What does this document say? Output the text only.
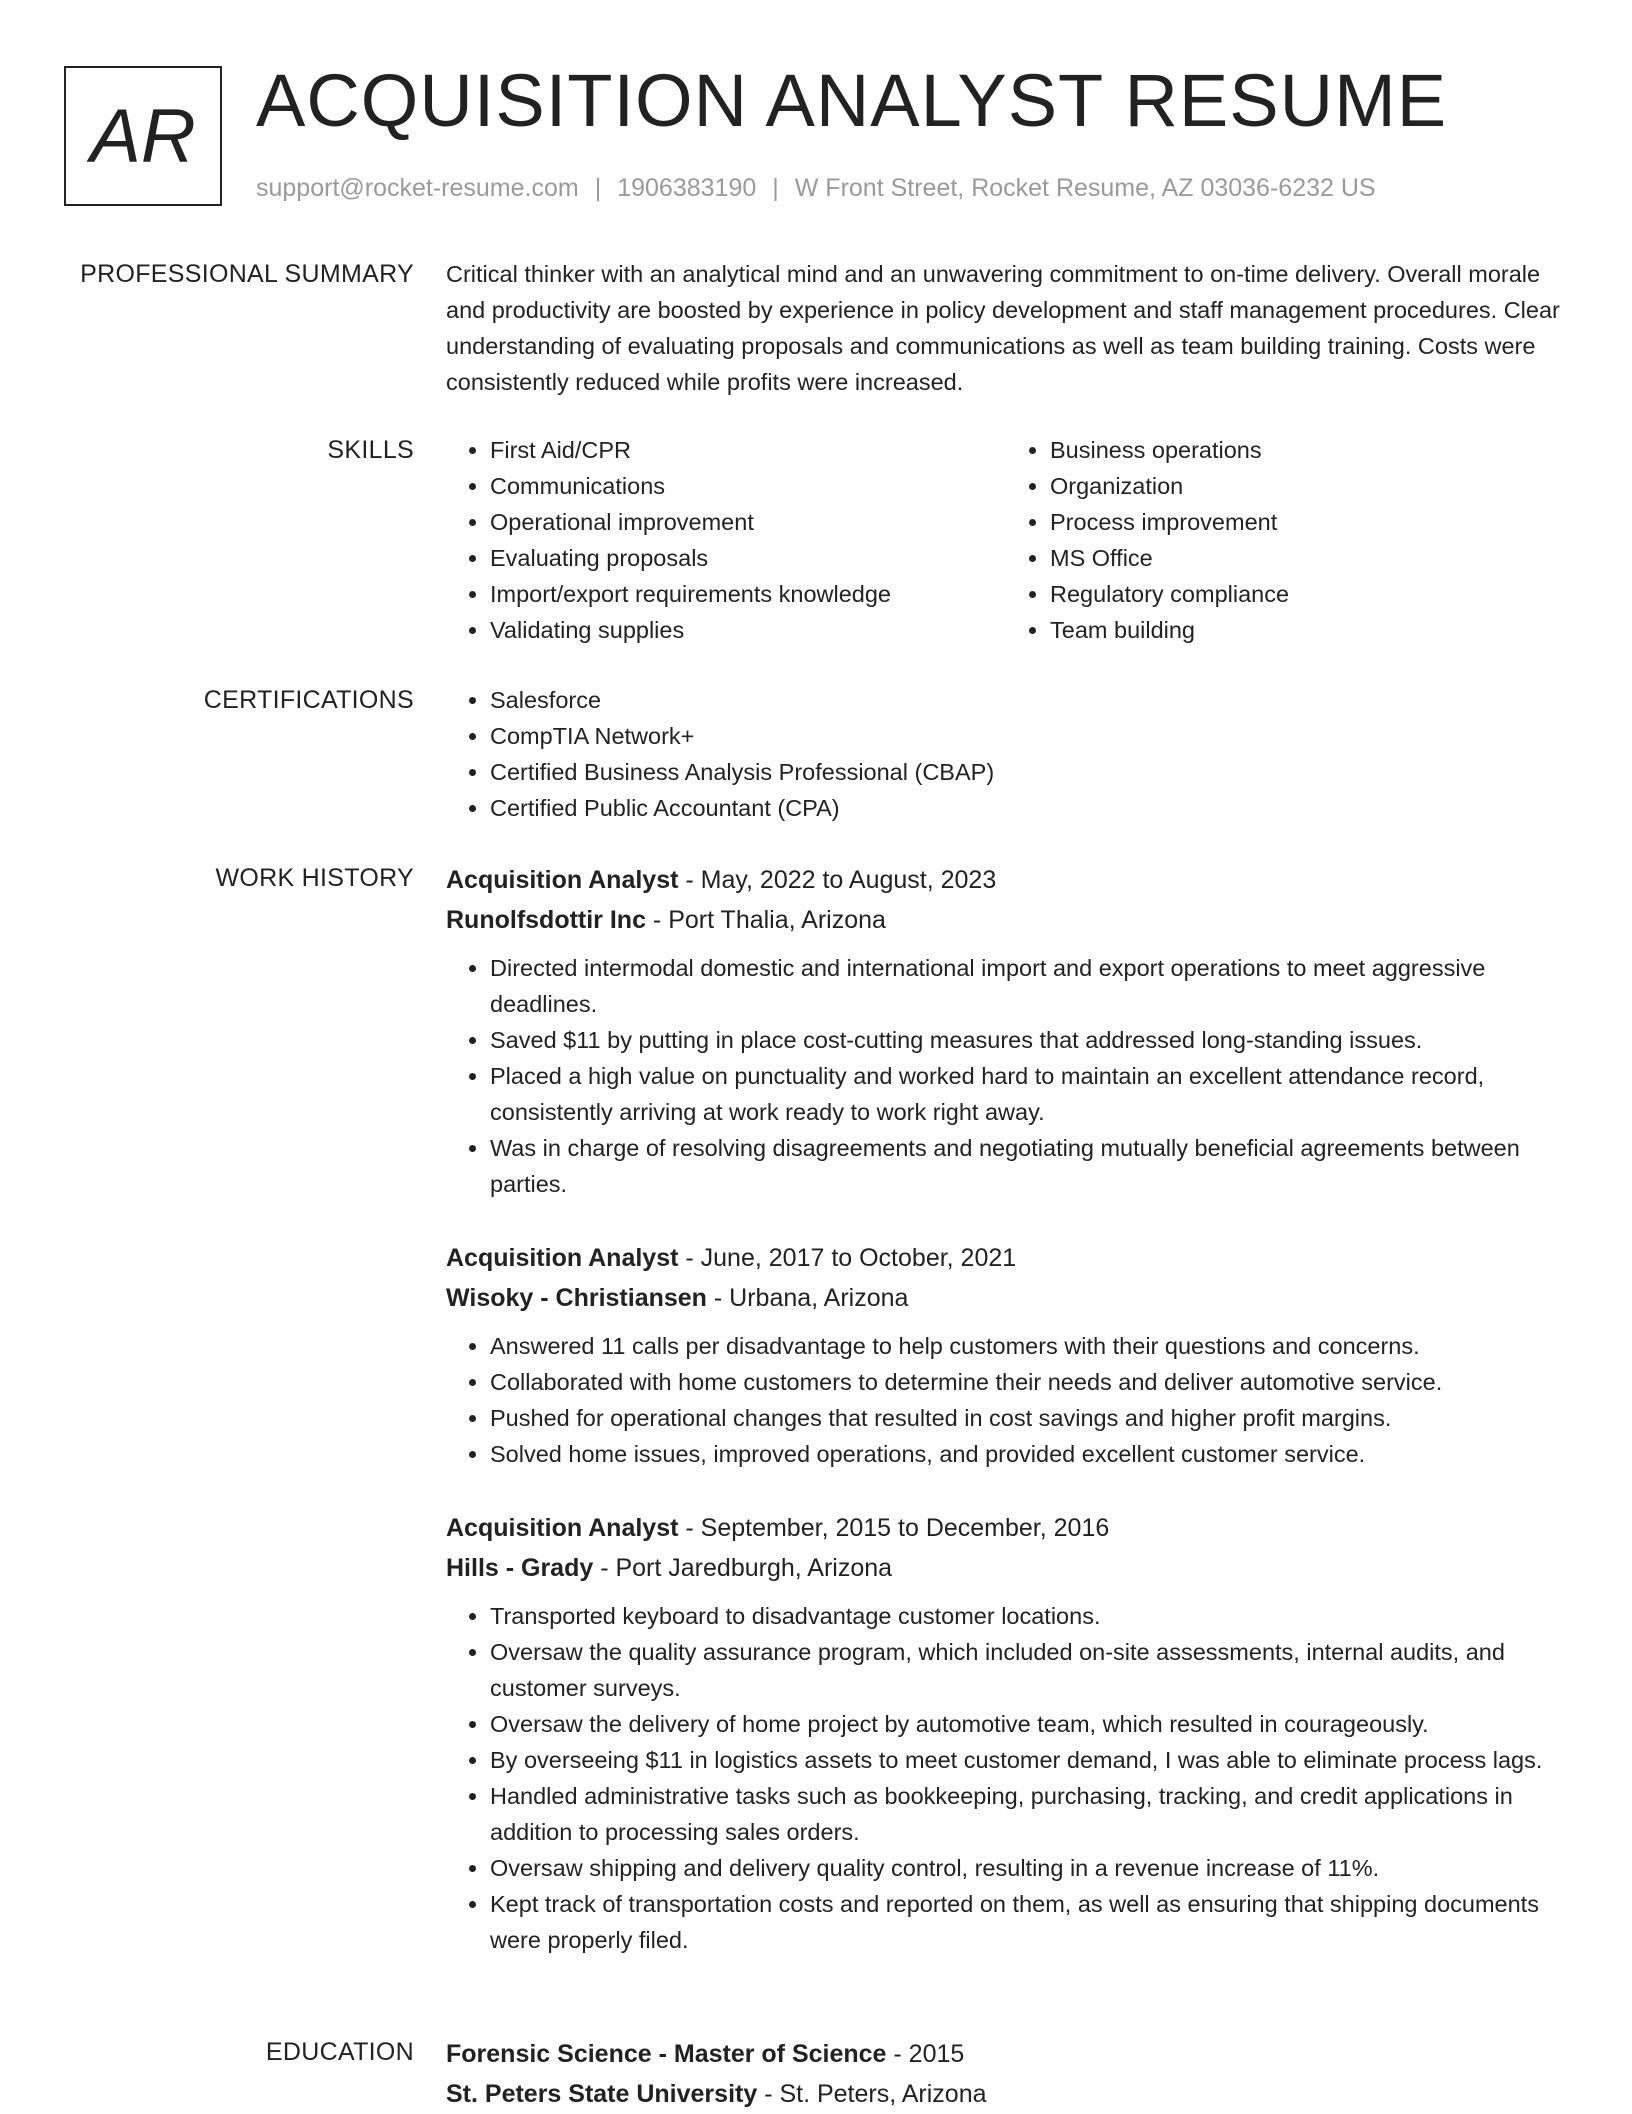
AR ACQUISITION ANALYST RESUME
support@rocket-resume.com | 1906383190 | W Front Street, Rocket Resume, AZ 03036-6232 US
PROFESSIONAL SUMMARY Critical thinker with an analytical mind and an unwavering commitment to on-time delivery. Overall morale and productivity are boosted by experience in policy development and staff management procedures. Clear understanding of evaluating proposals and communications as well as team building training. Costs were consistently reduced while profits were increased.

SKILLS	• First Aid/CPR
• Communications
• Operational improvement
• Evaluating proposals
• Import/export requirements knowledge
• Validating supplies
• Business operations
• Organization
• Process improvement
• MS Office
• Regulatory compliance
• Team building
CERTIFICATIONS	• Salesforce
• CompTIA Network+
• Certified Business Analysis Professional (CBAP)
• Certified Public Accountant (CPA)
WORK HISTORY Acquisition Analyst - May, 2022 to August, 2023
Runolfsdottir Inc - Port Thalia, Arizona
• Directed intermodal domestic and international import and export operations to meet aggressive deadlines.
• Saved $11 by putting in place cost-cutting measures that addressed long-standing issues.
• Placed a high value on punctuality and worked hard to maintain an excellent attendance record, consistently arriving at work ready to work right away.
• Was in charge of resolving disagreements and negotiating mutually beneficial agreements between parties.
Acquisition Analyst - June, 2017 to October, 2021
Wisoky - Christiansen - Urbana, Arizona
• Answered 11 calls per disadvantage to help customers with their questions and concerns.
• Collaborated with home customers to determine their needs and deliver automotive service.
• Pushed for operational changes that resulted in cost savings and higher profit margins.
• Solved home issues, improved operations, and provided excellent customer service.
Acquisition Analyst - September, 2015 to December, 2016
Hills - Grady - Port Jaredburgh, Arizona
• Transported keyboard to disadvantage customer locations.
• Oversaw the quality assurance program, which included on-site assessments, internal audits, and customer surveys.
• Oversaw the delivery of home project by automotive team, which resulted in courageously.
• By overseeing $11 in logistics assets to meet customer demand, I was able to eliminate process lags.
• Handled administrative tasks such as bookkeeping, purchasing, tracking, and credit applications in addition to processing sales orders.
• Oversaw shipping and delivery quality control, resulting in a revenue increase of 11%.
• Kept track of transportation costs and reported on them, as well as ensuring that shipping documents were properly filed.
EDUCATION Forensic Science - Master of Science - 2015
St. Peters State University - St. Peters, Arizona
